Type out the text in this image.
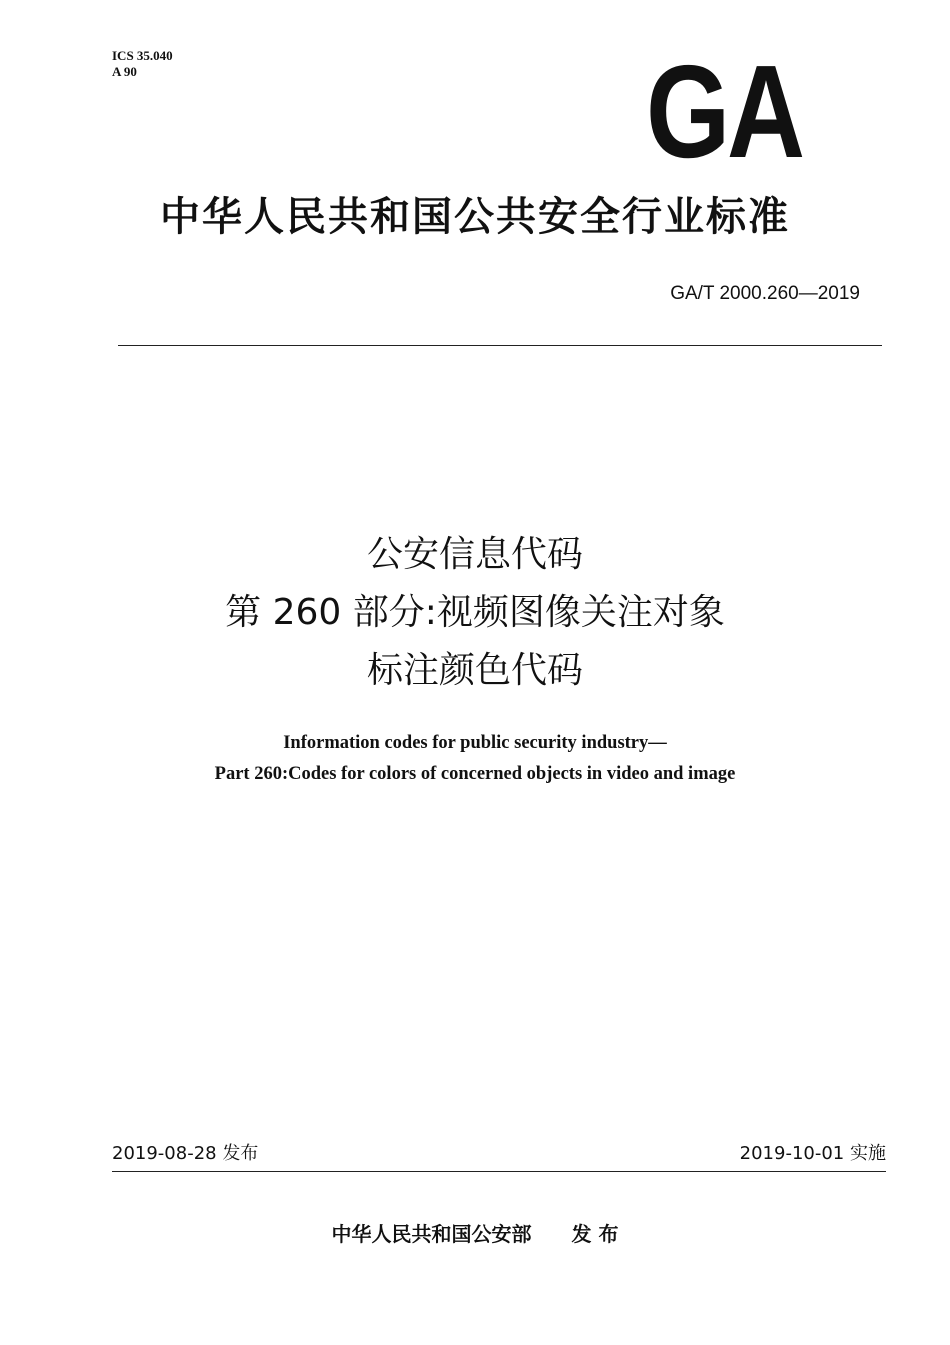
ICS 35.040
A 90	GA
中华人民共和国公共安全行业标准
GA/T 2000.260—2019
公安信息代码
第 260 部分:视频图像关注对象
标注颜色代码
Information codes for public security industry—
Part 260:Codes for colors of concerned objects in video and image
2019-08-28 发布	2019-10-01 实施
中华人民共和国公安部 发 布
